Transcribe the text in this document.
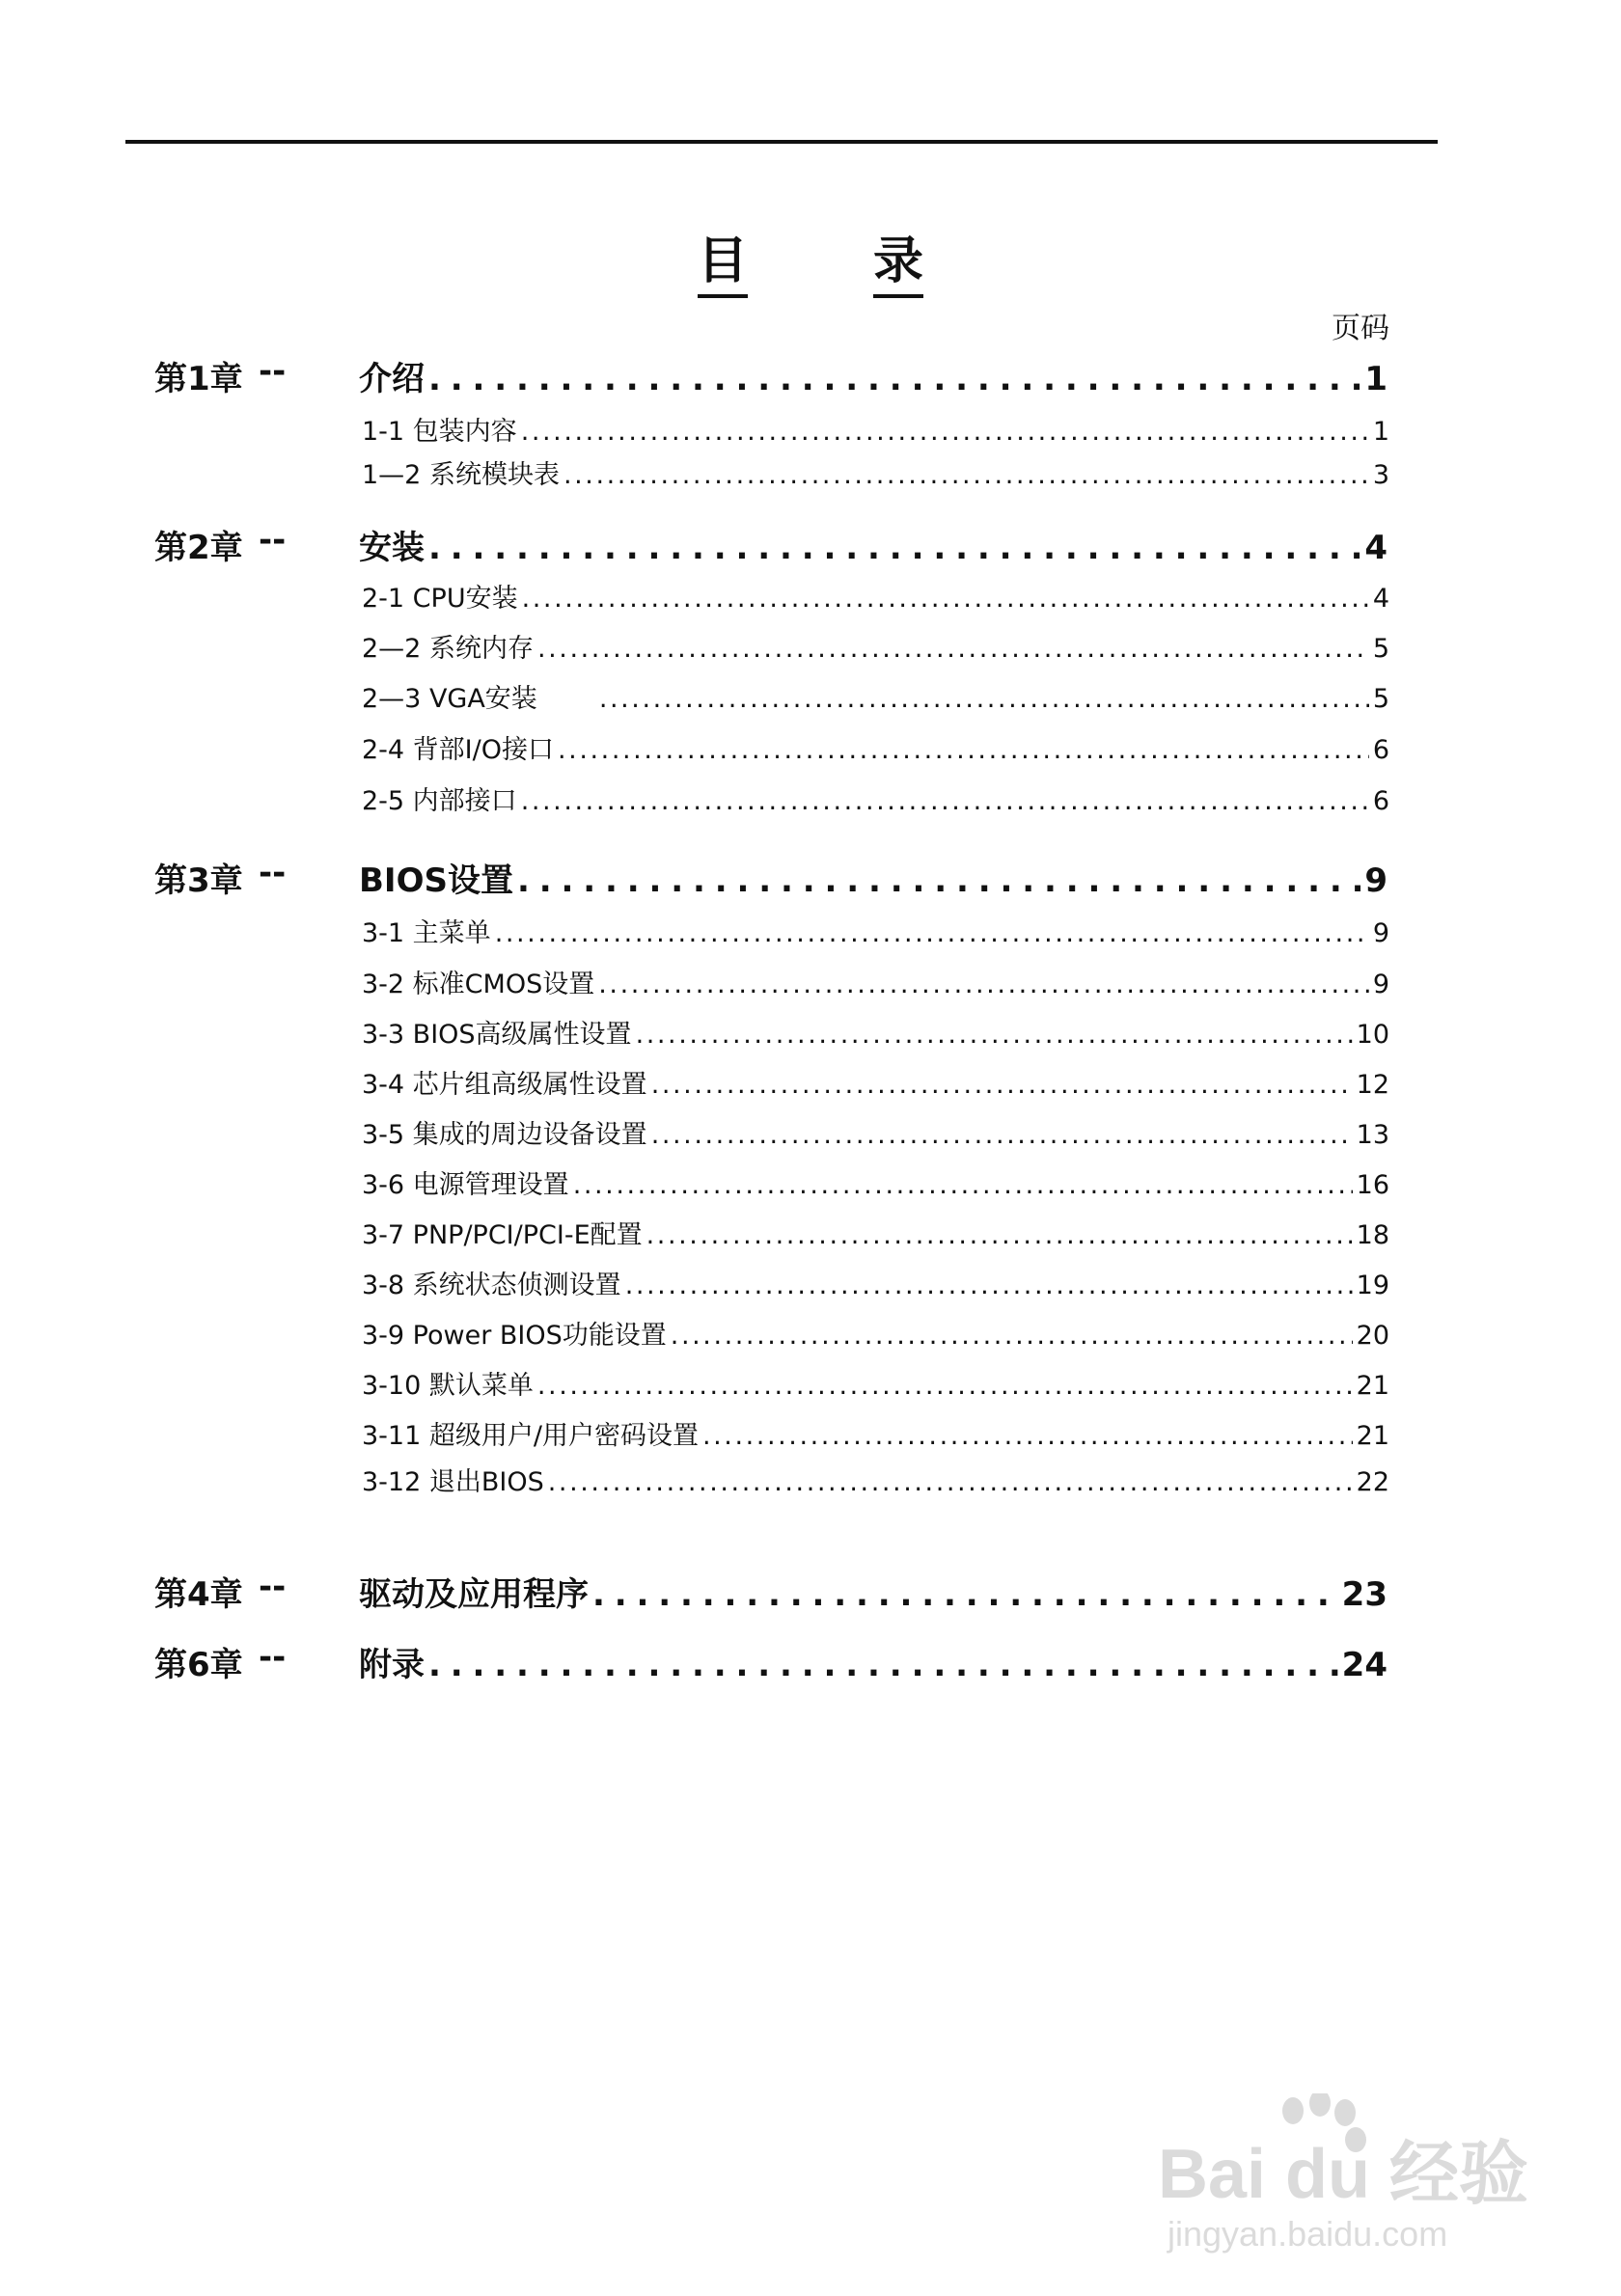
目	录
页码
第1章 -- 介绍 . . .	1
1-1 包装内容 . . .	1
1—2 系统模块表 . . .	3
第2章 -- 安装 . . .	4
2-1 CPU安装 . . .	4
2—2 系统内存 . . .	5
2—3 VGA安装 . . .	5
2-4 背部I/O接口 . . .	6
2-5 内部接口 . . .	6
第3章 -- BIOS设置 . . .	9
3-1 主菜单 . . .	9
3-2 标准CMOS设置 . . .	9
3-3 BIOS高级属性设置 . . .	10
3-4 芯片组高级属性设置 . . .	12
3-5 集成的周边设备设置 . . .	13
3-6 电源管理设置 . . .	16
3-7 PNP/PCI/PCI-E配置 . . .	18
3-8 系统状态侦测设置 . . .	19
3-9 Power BIOS功能设置 . . .	20
3-10 默认菜单 . . .	21
3-11 超级用户/用户密码设置 . . .	21
3-12 退出BIOS . . .	22
第4章 -- 驱动及应用程序 . . .	23
第6章 -- 附录 . . .	24
Bai du 经验
jingyan.baidu.com
